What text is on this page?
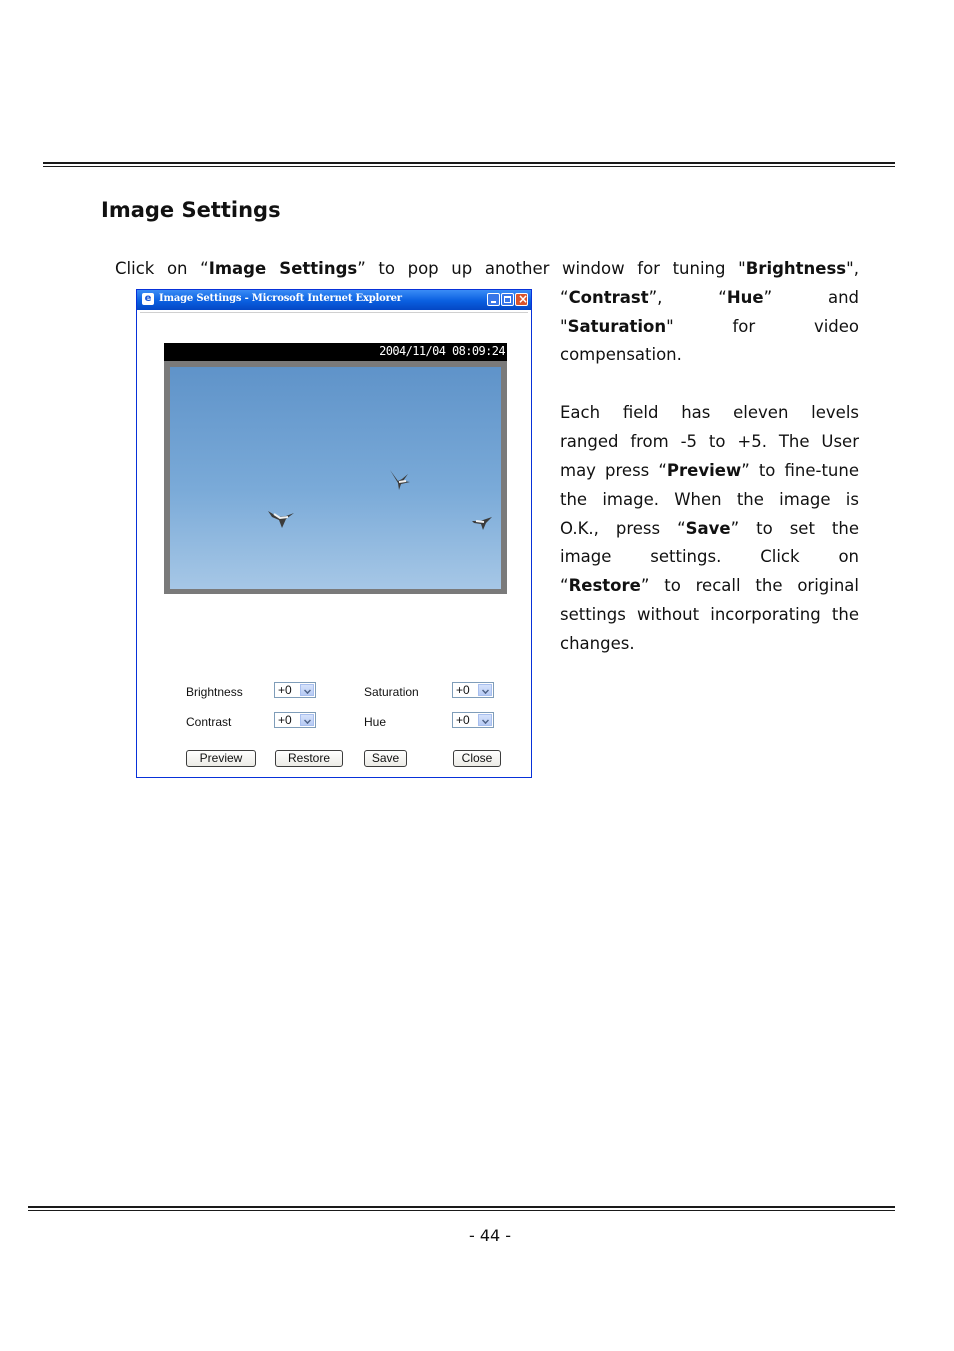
Image Settings
Click on “Image Settings” to pop up another window for tuning "Brightness",
“Contrast”,	“Hue”	and
"Saturation"	for	video
compensation.
Each field has eleven levels
ranged from -5 to +5. The User
may press “Preview” to fine-tune
the image. When the image is
O.K., press “Save” to set the
image settings. Click on
“Restore” to recall the original
settings without incorporating the
changes.
e Image Settings - Microsoft Internet Explorer
×
2004/11/04 08:09:24
Brightness	+0	Saturation	+0
Contrast	+0	Hue	+0
Preview	Restore	Save	Close
- 44 -
